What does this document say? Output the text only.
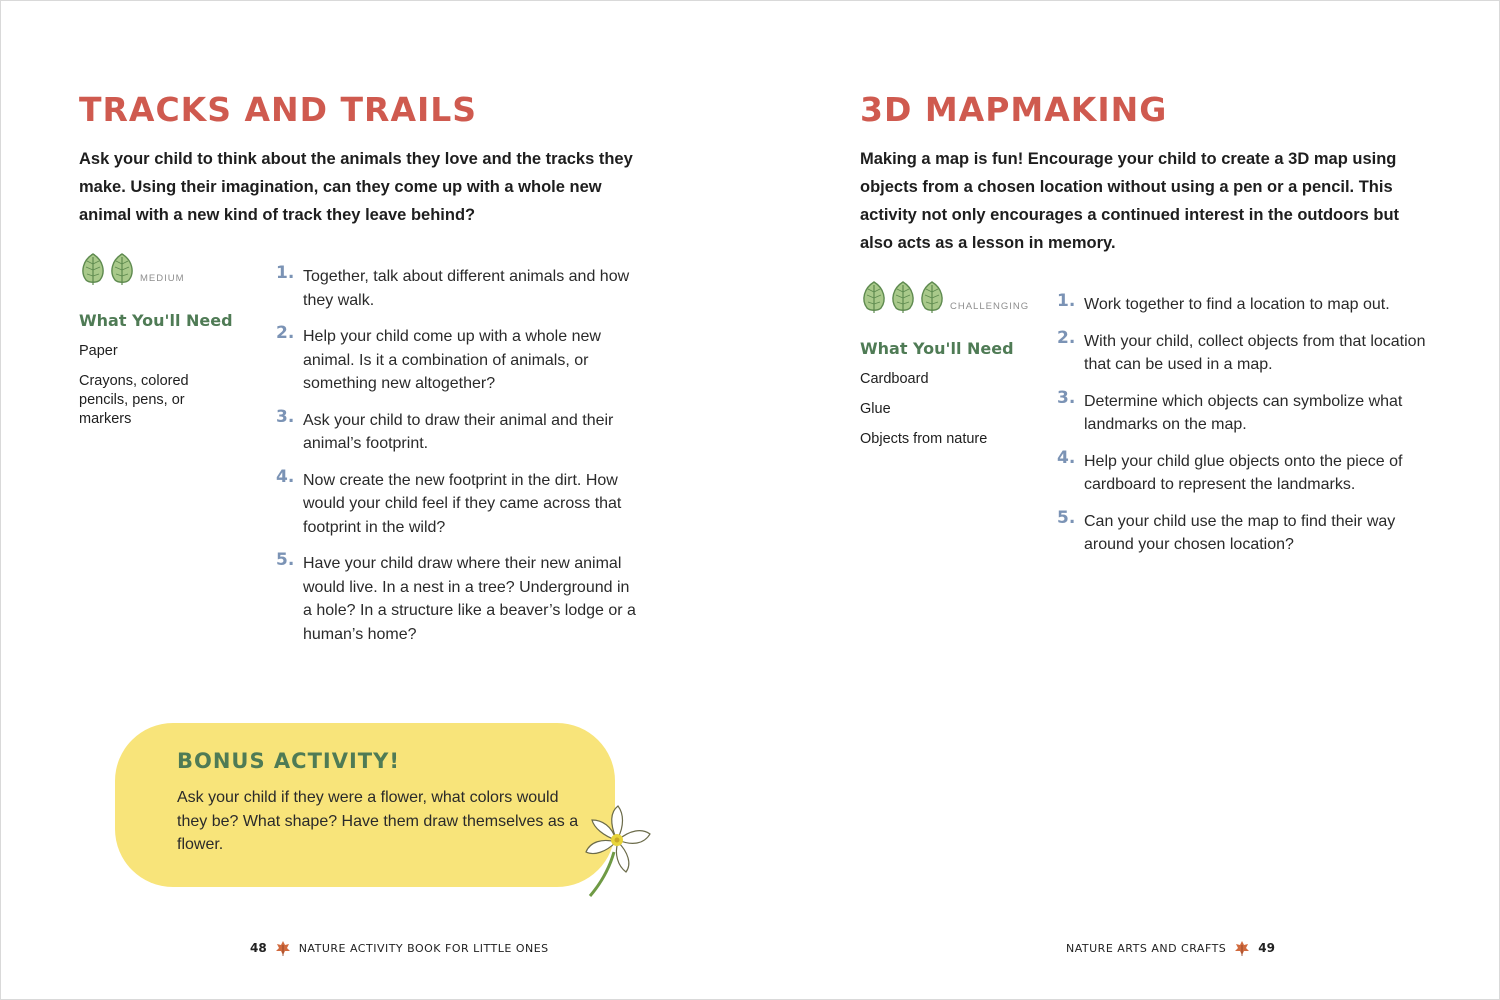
TRACKS AND TRAILS

Ask your child to think about the animals they love and the tracks they make. Using their imagination, can they come up with a whole new animal with a new kind of track they leave behind?

MEDIUM
What You'll Need
Paper
Crayons, colored pencils, pens, or markers
1. Together, talk about different animals and how they walk.
2. Help your child come up with a whole new animal. Is it a combination of animals, or something new altogether?
3. Ask your child to draw their animal and their animal’s footprint.
4. Now create the new footprint in the dirt. How would your child feel if they came across that footprint in the wild?
5. Have your child draw where their new animal would live. In a nest in a tree? Underground in a hole? In a structure like a beaver’s lodge or a human’s home?
BONUS ACTIVITY!

Ask your child if they were a flower, what colors would they be? What shape? Have them draw themselves as a flower.

48	NATURE ACTIVITY BOOK FOR LITTLE ONES
3D MAPMAKING

Making a map is fun! Encourage your child to create a 3D map using objects from a chosen location without using a pen or a pencil. This activity not only encourages a continued interest in the outdoors but also acts as a lesson in memory.

CHALLENGING
What You'll Need
Cardboard
Glue
Objects from nature
1. Work together to find a location to map out.
2. With your child, collect objects from that location that can be used in a map.
3. Determine which objects can symbolize what landmarks on the map.
4. Help your child glue objects onto the piece of cardboard to represent the landmarks.
5. Can your child use the map to find their way around your chosen location?
NATURE ARTS AND CRAFTS	49
